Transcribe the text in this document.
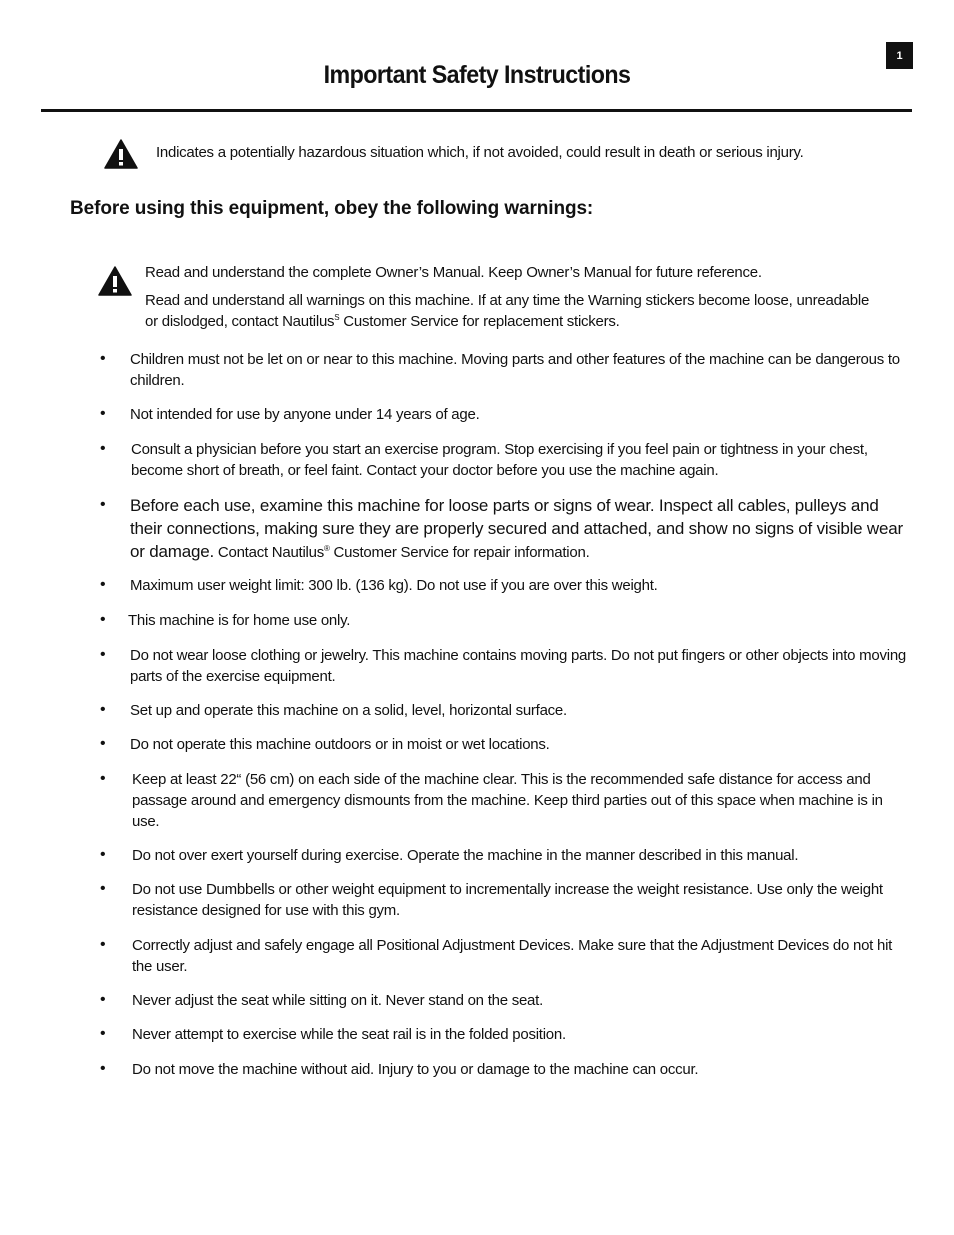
1
Important Safety Instructions
Indicates a potentially hazardous situation which, if not avoided, could result in death or serious injury.
Before using this equipment, obey the following warnings:
Read and understand the complete Owner’s Manual. Keep Owner’s Manual for future reference.
Read and understand all warnings on this machine. If at any time the Warning stickers become loose, unreadable or dislodged, contact Nautilus$^S$ Customer Service for replacement stickers.
• Children must not be let on or near to this machine. Moving parts and other features of the machine can be dangerous to children.
• Not intended for use by anyone under 14 years of age.
• Consult a physician before you start an exercise program. Stop exercising if you feel pain or tightness in your chest, become short of breath, or feel faint. Contact your doctor before you use the machine again.
• Before each use, examine this machine for loose parts or signs of wear. Inspect all cables, pulleys and their connections, making sure they are properly secured and attached, and show no signs of visible wear or damage. Contact Nautilus® Customer Service for repair information.
• Maximum user weight limit: 300 lb. (136 kg). Do not use if you are over this weight.
• This machine is for home use only.
• Do not wear loose clothing or jewelry. This machine contains moving parts. Do not put fingers or other objects into moving parts of the exercise equipment.
• Set up and operate this machine on a solid, level, horizontal surface.
• Do not operate this machine outdoors or in moist or wet locations.
• Keep at least 22“ (56 cm) on each side of the machine clear. This is the recommended safe distance for access and passage around and emergency dismounts from the machine. Keep third parties out of this space when machine is in use.
• Do not over exert yourself during exercise. Operate the machine in the manner described in this manual.
• Do not use Dumbbells or other weight equipment to incrementally increase the weight resistance. Use only the weight resistance designed for use with this gym.
• Correctly adjust and safely engage all Positional Adjustment Devices. Make sure that the Adjustment Devices do not hit the user.
• Never adjust the seat while sitting on it. Never stand on the seat.
• Never attempt to exercise while the seat rail is in the folded position.
• Do not move the machine without aid. Injury to you or damage to the machine can occur.
